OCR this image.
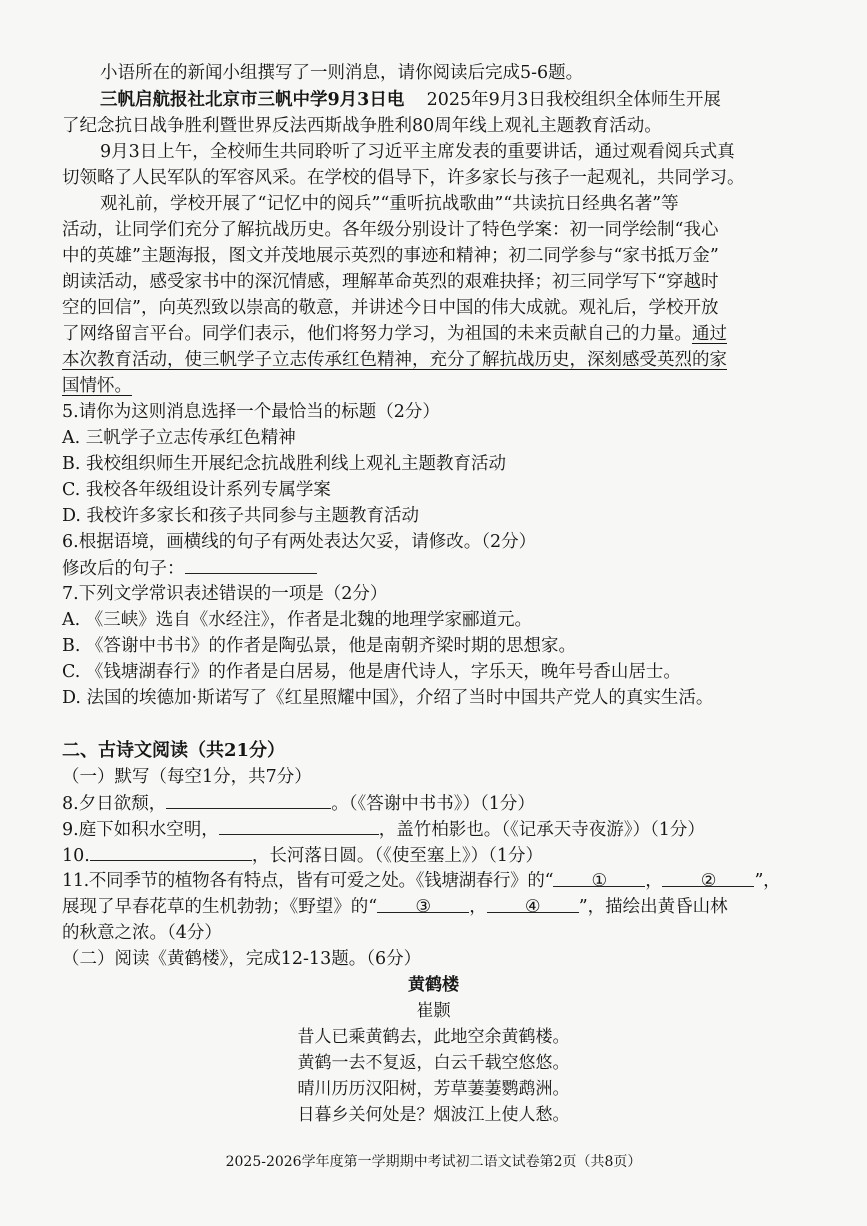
小语所在的新闻小组撰写了一则消息，请你阅读后完成5-6题。
三帆启航报社北京市三帆中学9月3日电 2025年9月3日我校组织全体师生开展
了纪念抗日战争胜利暨世界反法西斯战争胜利80周年线上观礼主题教育活动。
9月3日上午，全校师生共同聆听了习近平主席发表的重要讲话，通过观看阅兵式真
切领略了人民军队的军容风采。在学校的倡导下，许多家长与孩子一起观礼，共同学习。
观礼前，学校开展了“记忆中的阅兵”“重听抗战歌曲”“共读抗日经典名著”等
活动，让同学们充分了解抗战历史。各年级分别设计了特色学案：初一同学绘制“我心
中的英雄”主题海报，图文并茂地展示英烈的事迹和精神；初二同学参与“家书抵万金”
朗读活动，感受家书中的深沉情感，理解革命英烈的艰难抉择；初三同学写下“穿越时
空的回信”，向英烈致以崇高的敬意，并讲述今日中国的伟大成就。观礼后，学校开放
了网络留言平台。同学们表示，他们将努力学习，为祖国的未来贡献自己的力量。通过
本次教育活动，使三帆学子立志传承红色精神，充分了解抗战历史，深刻感受英烈的家
国情怀。
5.请你为这则消息选择一个最恰当的标题（2分）
A. 三帆学子立志传承红色精神
B. 我校组织师生开展纪念抗战胜利线上观礼主题教育活动
C. 我校各年级组设计系列专属学案
D. 我校许多家长和孩子共同参与主题教育活动
6.根据语境，画横线的句子有两处表达欠妥，请修改。（2分）
修改后的句子：
7.下列文学常识表述错误的一项是（2分）
A. 《三峡》选自《水经注》，作者是北魏的地理学家郦道元。
B. 《答谢中书书》的作者是陶弘景，他是南朝齐梁时期的思想家。
C. 《钱塘湖春行》的作者是白居易，他是唐代诗人，字乐天，晚年号香山居士。
D. 法国的埃德加·斯诺写了《红星照耀中国》，介绍了当时中国共产党人的真实生活。
二、古诗文阅读（共21分）
（一）默写（每空1分，共7分）
8.夕日欲颓，	。（《答谢中书书》）（1分）
9.庭下如积水空明，	，盖竹柏影也。（《记承天寺夜游》）（1分）
10.	，长河落日圆。（《使至塞上》）（1分）
11.不同季节的植物各有特点，皆有可爱之处。《钱塘湖春行》的“ ① ， ② ”，
展现了早春花草的生机勃勃；《野望》的“ ③ ， ④ ”，描绘出黄昏山林
的秋意之浓。（4分）
（二）阅读《黄鹤楼》，完成12-13题。（6分）
黄鹤楼
崔颢
昔人已乘黄鹤去，此地空余黄鹤楼。
黄鹤一去不复返，白云千载空悠悠。
晴川历历汉阳树，芳草萋萋鹦鹉洲。
日暮乡关何处是？烟波江上使人愁。
2025-2026学年度第一学期期中考试初二语文试卷第2页（共8页）
